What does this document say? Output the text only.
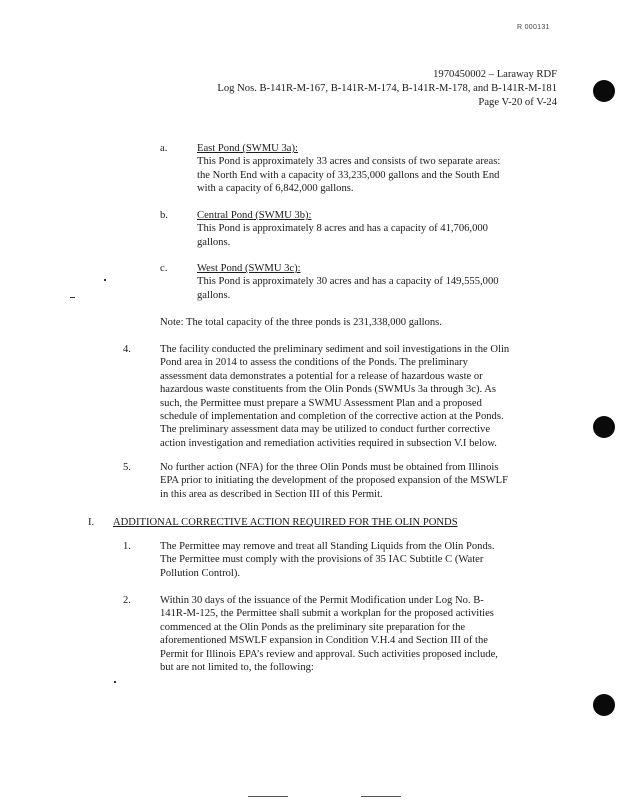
R 000131
1970450002 – Laraway RDF
Log Nos. B-141R-M-167, B-141R-M-174, B-141R-M-178, and B-141R-M-181
Page V-20 of V-24
a.	East Pond (SWMU 3a):
This Pond is approximately 33 acres and consists of two separate areas:
the North End with a capacity of 33,235,000 gallons and the South End
with a capacity of 6,842,000 gallons.
b.	Central Pond (SWMU 3b):
This Pond is approximately 8 acres and has a capacity of 41,706,000
gallons.
c.	West Pond (SWMU 3c):
This Pond is approximately 30 acres and has a capacity of 149,555,000
gallons.
Note: The total capacity of the three ponds is 231,338,000 gallons.
4.	The facility conducted the preliminary sediment and soil investigations in the Olin
Pond area in 2014 to assess the conditions of the Ponds. The preliminary
assessment data demonstrates a potential for a release of hazardous waste or
hazardous waste constituents from the Olin Ponds (SWMUs 3a through 3c). As
such, the Permittee must prepare a SWMU Assessment Plan and a proposed
schedule of implementation and completion of the corrective action at the Ponds.
The preliminary assessment data may be utilized to conduct further corrective
action investigation and remediation activities required in subsection V.I below.
5.	No further action (NFA) for the three Olin Ponds must be obtained from Illinois
EPA prior to initiating the development of the proposed expansion of the MSWLF
in this area as described in Section III of this Permit.
I. ADDITIONAL CORRECTIVE ACTION REQUIRED FOR THE OLIN PONDS
1.	The Permittee may remove and treat all Standing Liquids from the Olin Ponds.
The Permittee must comply with the provisions of 35 IAC Subtitle C (Water
Pollution Control).
2.	Within 30 days of the issuance of the Permit Modification under Log No. B-
141R-M-125, the Permittee shall submit a workplan for the proposed activities
commenced at the Olin Ponds as the preliminary site preparation for the
aforementioned MSWLF expansion in Condition V.H.4 and Section III of the
Permit for Illinois EPA’s review and approval. Such activities proposed include,
but are not limited to, the following:
